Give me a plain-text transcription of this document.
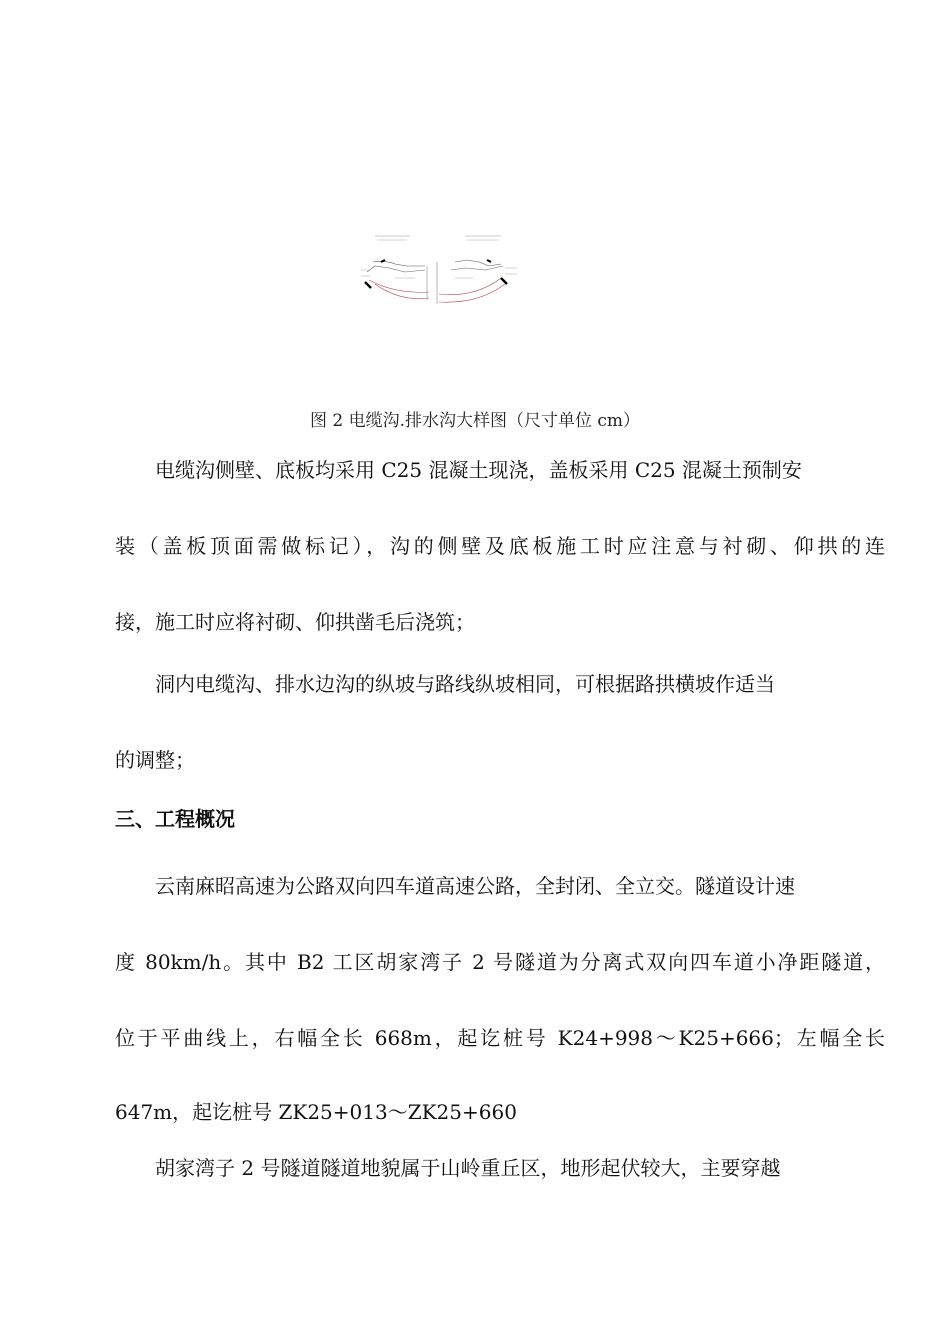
图 2 电缆沟.排水沟大样图（尺寸单位 cm）
电缆沟侧壁、底板均采用 C25 混凝土现浇，盖板采用 C25 混凝土预制安
装（盖板顶面需做标记），沟的侧壁及底板施工时应注意与衬砌、仰拱的连
接，施工时应将衬砌、仰拱凿毛后浇筑；
洞内电缆沟、排水边沟的纵坡与路线纵坡相同，可根据路拱横坡作适当
的调整；
三、工程概况
云南麻昭高速为公路双向四车道高速公路，全封闭、全立交。隧道设计速
度 80km/h。其中 B2 工区胡家湾子 2 号隧道为分离式双向四车道小净距隧道，
位于平曲线上，右幅全长 668m，起讫桩号 K24+998～K25+666；左幅全长
647m，起讫桩号 ZK25+013～ZK25+660
胡家湾子 2 号隧道隧道地貌属于山岭重丘区，地形起伏较大，主要穿越
